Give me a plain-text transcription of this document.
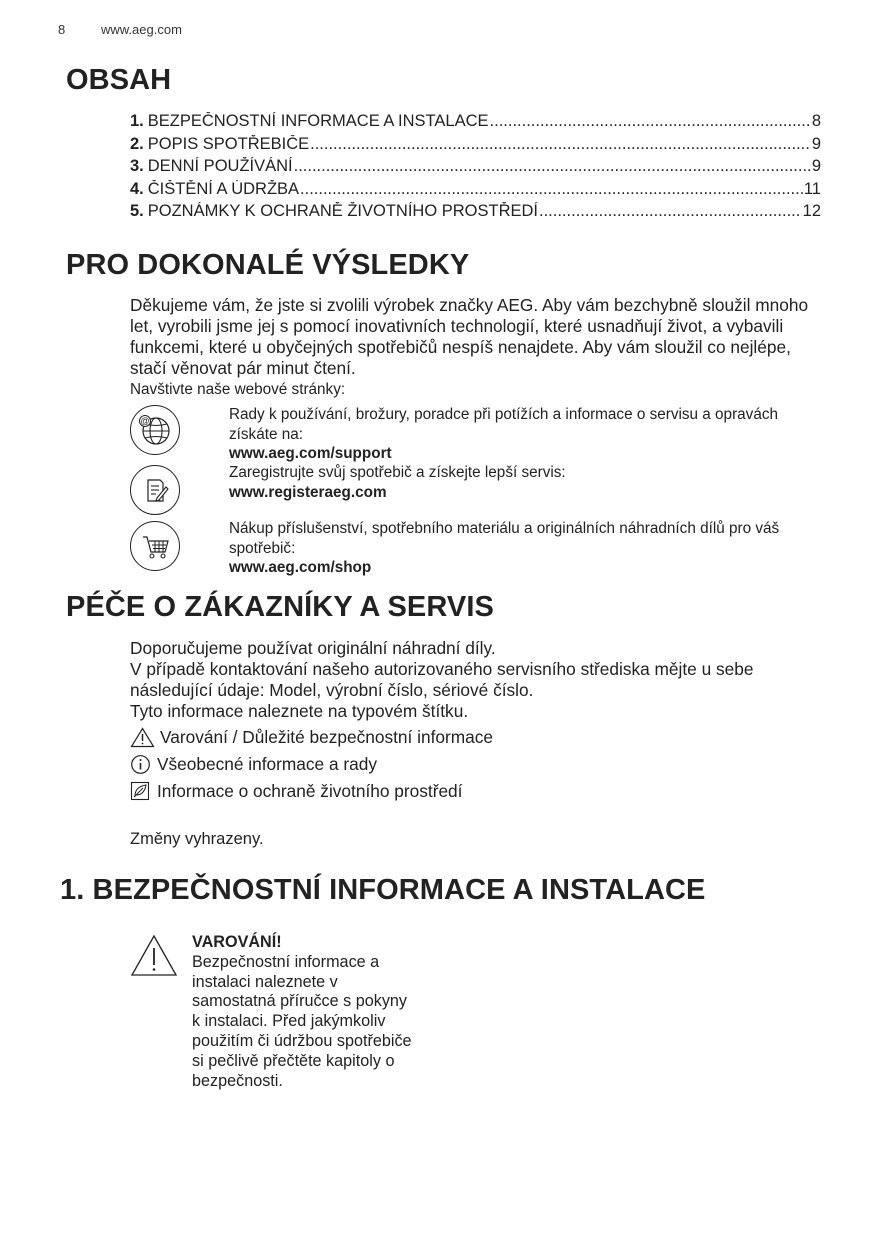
8	www.aeg.com
OBSAH
1. BEZPEČNOSTNÍ INFORMACE A INSTALACE .....	8
2. POPIS SPOTŘEBIČE .....	9
3. DENNÍ POUŽÍVÁNÍ .....	9
4. ČIŠTĚNÍ A ÚDRŽBA .....	11
5. POZNÁMKY K OCHRANĚ ŽIVOTNÍHO PROSTŘEDÍ .....	12
PRO DOKONALÉ VÝSLEDKY

Děkujeme vám, že jste si zvolili výrobek značky AEG. Aby vám bezchybně sloužil mnoho let, vyrobili jsme jej s pomocí inovativních technologií, které usnadňují život, a vybavili funkcemi, které u obyčejných spotřebičů nespíš nenajdete. Aby vám sloužil co nejlépe, stačí věnovat pár minut čtení.

Navštivte naše webové stránky:

@	Rady k používání, brožury, poradce při potížích a informace o servisu a opravách získáte na:
www.aeg.com/support
Zaregistrujte svůj spotřebič a získejte lepší servis:
www.registeraeg.com
Nákup příslušenství, spotřebního materiálu a originálních náhradních dílů pro váš spotřebič:
www.aeg.com/shop
PÉČE O ZÁKAZNÍKY A SERVIS

Doporučujeme používat originální náhradní díly.

V případě kontaktování našeho autorizovaného servisního střediska mějte u sebe následující údaje: Model, výrobní číslo, sériové číslo.

Tyto informace naleznete na typovém štítku.

Varování / Důležité bezpečnostní informace
Všeobecné informace a rady
Informace o ochraně životního prostředí
Změny vyhrazeny.
1. BEZPEČNOSTNÍ INFORMACE A INSTALACE
VAROVÁNÍ!
Bezpečnostní informace a instalaci naleznete v samostatná příručce s pokyny k instalaci. Před jakýmkoliv použitím či údržbou spotřebiče si pečlivě přečtěte kapitoly o bezpečnosti.
